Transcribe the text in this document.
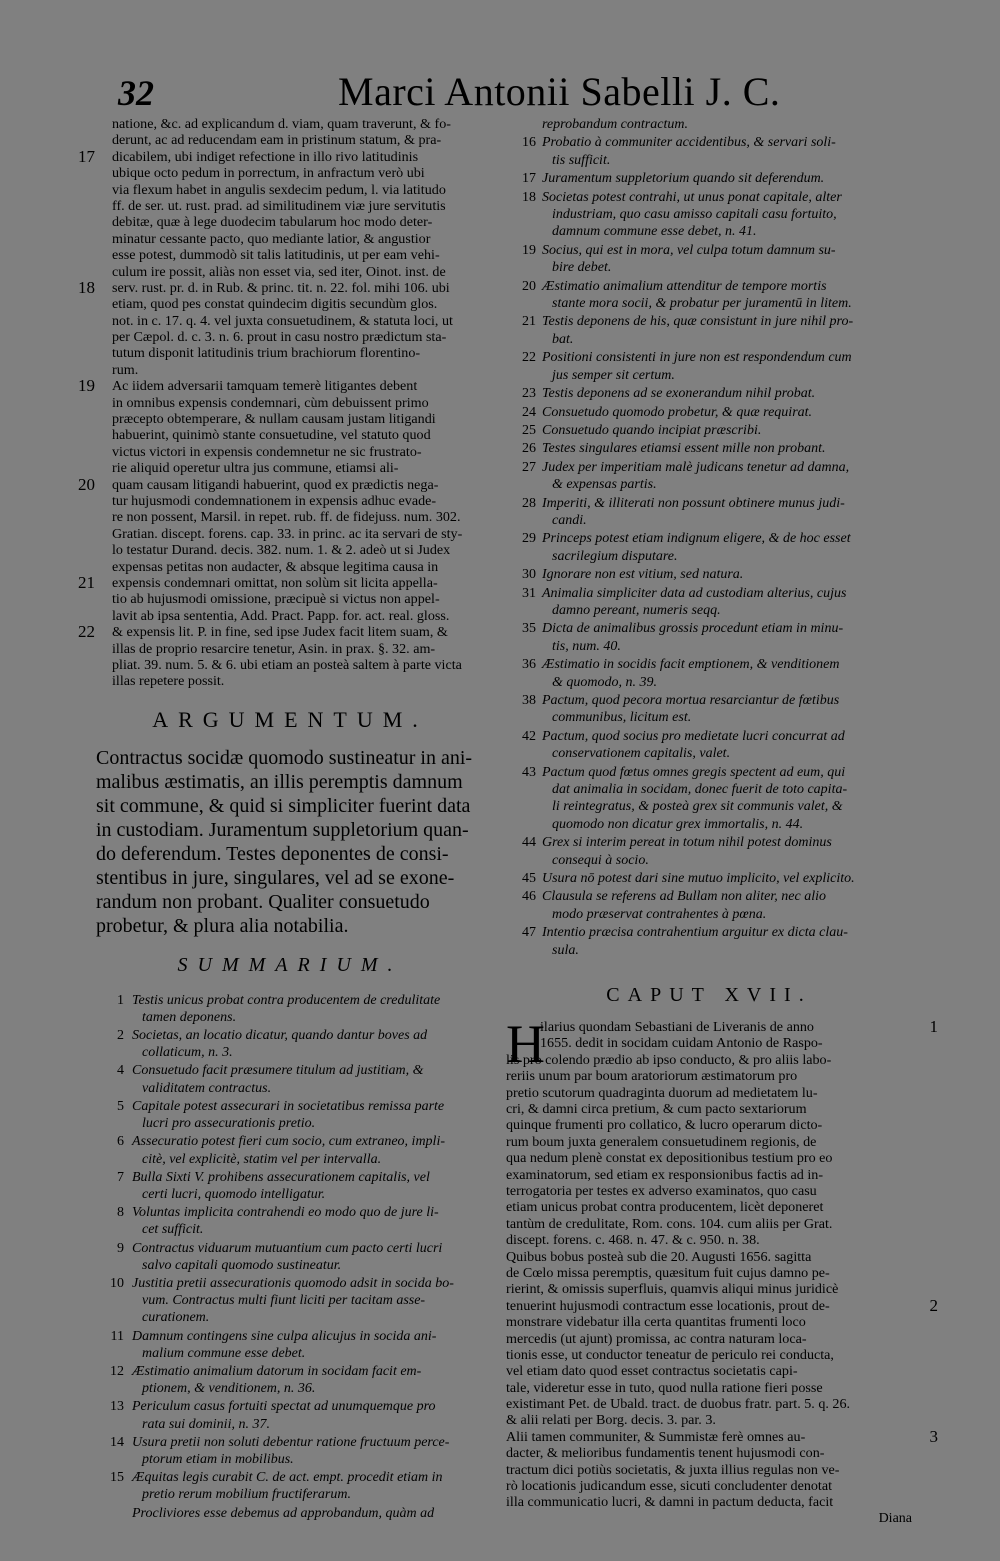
32	Marci Antonii Sabelli J. C.
natione, &c. ad explicandum d. viam, quam traverunt, & fo-
derunt, ac ad reducendam eam in pristinum statum, & pra-
dicabilem, ubi indiget refectione in illo rivo latitudinis
17
ubique octo pedum in porrectum, in anfractum verò ubi
via flexum habet in angulis sexdecim pedum, l. via latitudo
ff. de ser. ut. rust. prad. ad similitudinem viæ jure servitutis
debitæ, quæ à lege duodecim tabularum hoc modo deter-
minatur cessante pacto, quo mediante latior, & angustior
esse potest, dummodò sit talis latitudinis, ut per eam vehi-
culum ire possit, aliàs non esset via, sed iter, Oinot. inst. de
serv. rust. pr. d. in Rub. & princ. tit. n. 22. fol. mihi 106. ubi
18
etiam, quod pes constat quindecim digitis secundùm glos.
not. in c. 17. q. 4. vel juxta consuetudinem, & statuta loci, ut
per Cæpol. d. c. 3. n. 6. prout in casu nostro prædictum sta-
tutum disponit latitudinis trium brachiorum florentino-
rum.
Ac iidem adversarii tamquam temerè litigantes debent
19
in omnibus expensis condemnari, cùm debuissent primo
præcepto obtemperare, & nullam causam justam litigandi
habuerint, quinimò stante consuetudine, vel statuto quod
victus victori in expensis condemnetur ne sic frustrato-
rie aliquid operetur ultra jus commune, etiamsi ali-
quam causam litigandi habuerint, quod ex prædictis nega-
20
tur hujusmodi condemnationem in expensis adhuc evade-
re non possent, Marsil. in repet. rub. ff. de fidejuss. num. 302.
Gratian. discept. forens. cap. 33. in princ. ac ita servari de sty-
lo testatur Durand. decis. 382. num. 1. & 2. adeò ut si Judex
expensas petitas non audacter, & absque legitima causa in
expensis condemnari omittat, non solùm sit licita appella-
21
tio ab hujusmodi omissione, præcipuè si victus non appel-
lavit ab ipsa sententia, Add. Pract. Papp. for. act. real. gloss.
& expensis lit. P. in fine, sed ipse Judex facit litem suam, &
22
illas de proprio resarcire tenetur, Asin. in prax. §. 32. am-
pliat. 39. num. 5. & 6. ubi etiam an posteà saltem à parte victa
illas repetere possit.
ARGUMENTUM.
Contractus socidæ quomodo sustineatur in ani-
malibus æstimatis, an illis peremptis damnum
sit commune, & quid si simpliciter fuerint data
in custodiam. Juramentum suppletorium quan-
do deferendum. Testes deponentes de consi-
stentibus in jure, singulares, vel ad se exone-
randum non probant. Qualiter consuetudo
probetur, & plura alia notabilia.
SUMMARIUM.
1 Testis unicus probat contra producentem de credulitate
tamen deponens.
2 Societas, an locatio dicatur, quando dantur boves ad
collaticum, n. 3.
4 Consuetudo facit præsumere titulum ad justitiam, &
validitatem contractus.
5 Capitale potest assecurari in societatibus remissa parte
lucri pro assecurationis pretio.
6 Assecuratio potest fieri cum socio, cum extraneo, impli-
citè, vel explicitè, statim vel per intervalla.
7 Bulla Sixti V. prohibens assecurationem capitalis, vel
certi lucri, quomodo intelligatur.
8 Voluntas implicita contrahendi eo modo quo de jure li-
cet sufficit.
9 Contractus viduarum mutuantium cum pacto certi lucri
salvo capitali quomodo sustineatur.
10 Justitia pretii assecurationis quomodo adsit in socida bo-
vum. Contractus multi fiunt liciti per tacitam asse-
curationem.
11 Damnum contingens sine culpa alicujus in socida ani-
malium commune esse debet.
12 Æstimatio animalium datorum in socidam facit em-
ptionem, & venditionem, n. 36.
13 Periculum casus fortuiti spectat ad unumquemque pro
rata sui dominii, n. 37.
14 Usura pretii non soluti debentur ratione fructuum perce-
ptorum etiam in mobilibus.
15 Æquitas legis curabit C. de act. empt. procedit etiam in
pretio rerum mobilium fructiferarum.
Procliviores esse debemus ad approbandum, quàm ad
reprobandum contractum.
16 Probatio à communiter accidentibus, & servari soli-
tis sufficit.
17 Juramentum suppletorium quando sit deferendum.
18 Societas potest contrahi, ut unus ponat capitale, alter
industriam, quo casu amisso capitali casu fortuito,
damnum commune esse debet, n. 41.
19 Socius, qui est in mora, vel culpa totum damnum su-
bire debet.
20 Æstimatio animalium attenditur de tempore mortis
stante mora socii, & probatur per juramentū in litem.
21 Testis deponens de his, quæ consistunt in jure nihil pro-
bat.
22 Positioni consistenti in jure non est respondendum cum
jus semper sit certum.
23 Testis deponens ad se exonerandum nihil probat.
24 Consuetudo quomodo probetur, & quæ requirat.
25 Consuetudo quando incipiat præscribi.
26 Testes singulares etiamsi essent mille non probant.
27 Judex per imperitiam malè judicans tenetur ad damna,
& expensas partis.
28 Imperiti, & illiterati non possunt obtinere munus judi-
candi.
29 Princeps potest etiam indignum eligere, & de hoc esset
sacrilegium disputare.
30 Ignorare non est vitium, sed natura.
31 Animalia simpliciter data ad custodiam alterius, cujus
damno pereant, numeris seqq.
35 Dicta de animalibus grossis procedunt etiam in minu-
tis, num. 40.
36 Æstimatio in socidis facit emptionem, & venditionem
& quomodo, n. 39.
38 Pactum, quod pecora mortua resarciantur de fœtibus
communibus, licitum est.
42 Pactum, quod socius pro medietate lucri concurrat ad
conservationem capitalis, valet.
43 Pactum quod fœtus omnes gregis spectent ad eum, qui
dat animalia in socidam, donec fuerit de toto capita-
li reintegratus, & posteà grex sit communis valet, &
quomodo non dicatur grex immortalis, n. 44.
44 Grex si interim pereat in totum nihil potest dominus
consequi à socio.
45 Usura nō potest dari sine mutuo implicito, vel explicito.
46 Clausula se referens ad Bullam non aliter, nec alio
modo præservat contrahentes à pœna.
47 Intentio præcisa contrahentium arguitur ex dicta clau-
sula.
CAPUT XVII.
H
ilarius quondam Sebastiani de Liveranis de anno	1
1655. dedit in socidam cuidam Antonio de Raspo-
lis pro colendo prædio ab ipso conducto, & pro aliis labo-
reriis unum par boum aratoriorum æstimatorum pro
pretio scutorum quadraginta duorum ad medietatem lu-
cri, & damni circa pretium, & cum pacto sextariorum
quinque frumenti pro collatico, & lucro operarum dicto-
rum boum juxta generalem consuetudinem regionis, de
qua nedum plenè constat ex depositionibus testium pro eo
examinatorum, sed etiam ex responsionibus factis ad in-
terrogatoria per testes ex adverso examinatos, quo casu
etiam unicus probat contra producentem, licèt deponeret
tantùm de credulitate, Rom. cons. 104. cum aliis per Grat.
discept. forens. c. 468. n. 47. & c. 950. n. 38.
Quibus bobus posteà sub die 20. Augusti 1656. sagitta
de Cœlo missa peremptis, quæsitum fuit cujus damno pe-
rierint, & omissis superfluis, quamvis aliqui minus juridicè
tenuerint hujusmodi contractum esse locationis, prout de-	2
monstrare videbatur illa certa quantitas frumenti loco
mercedis (ut ajunt) promissa, ac contra naturam loca-
tionis esse, ut conductor teneatur de periculo rei conducta,
vel etiam dato quod esset contractus societatis capi-
tale, videretur esse in tuto, quod nulla ratione fieri posse
existimant Pet. de Ubald. tract. de duobus fratr. part. 5. q. 26.
& alii relati per Borg. decis. 3. par. 3.
Alii tamen communiter, & Summistæ ferè omnes au-	3
dacter, & melioribus fundamentis tenent hujusmodi con-
tractum dici potiùs societatis, & juxta illius regulas non ve-
rò locationis judicandum esse, sicuti concludenter denotat
illa communicatio lucri, & damni in pactum deducta, facit
Diana
